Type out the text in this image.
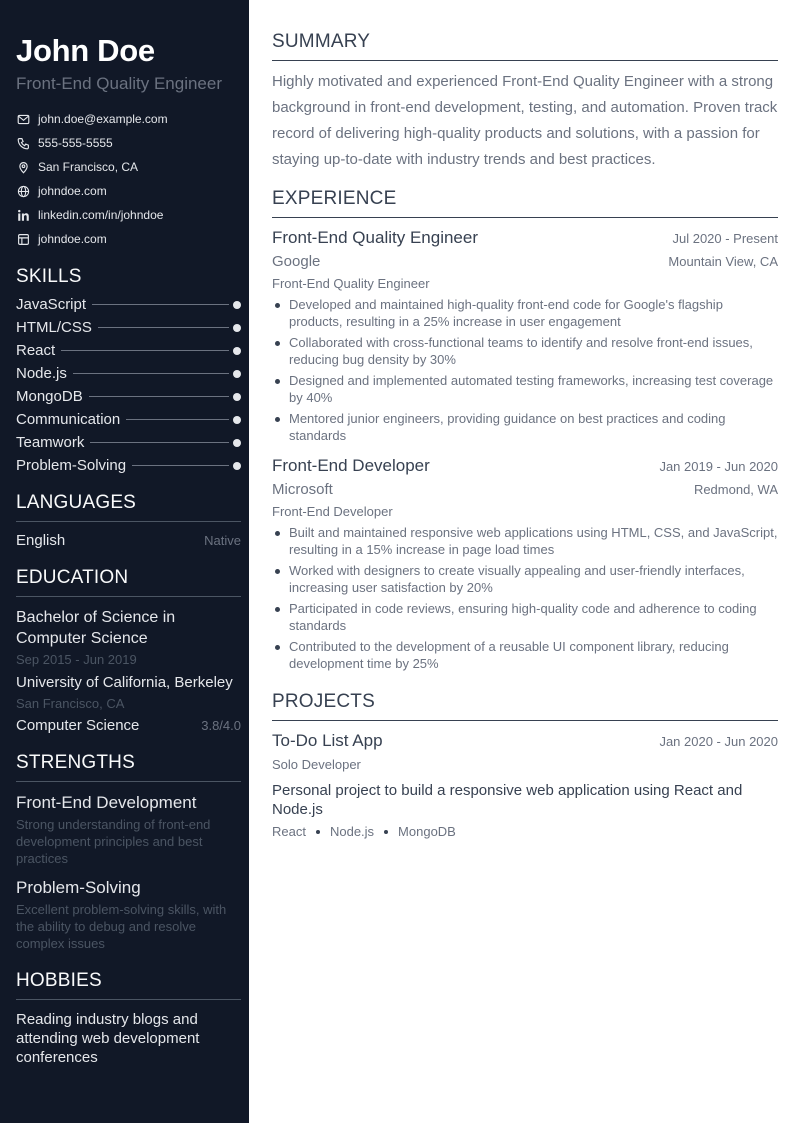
John Doe
Front-End Quality Engineer
john.doe@example.com
555-555-5555
San Francisco, CA
johndoe.com
linkedin.com/in/johndoe
johndoe.com
SKILLS
JavaScript
HTML/CSS
React
Node.js
MongoDB
Communication
Teamwork
Problem-Solving
LANGUAGES
English	Native
EDUCATION
Bachelor of Science in Computer Science
Sep 2015 - Jun 2019
University of California, Berkeley
San Francisco, CA
Computer Science	3.8/4.0
STRENGTHS
Front-End Development
Strong understanding of front-end development principles and best practices
Problem-Solving
Excellent problem-solving skills, with the ability to debug and resolve complex issues
HOBBIES
Reading industry blogs and attending web development conferences
SUMMARY

Highly motivated and experienced Front-End Quality Engineer with a strong background in front-end development, testing, and automation. Proven track record of delivering high-quality products and solutions, with a passion for staying up-to-date with industry trends and best practices.

EXPERIENCE
Front-End Quality Engineer	Jul 2020 - Present
Google	Mountain View, CA
Front-End Quality Engineer
Developed and maintained high-quality front-end code for Google's flagship products, resulting in a 25% increase in user engagement
Collaborated with cross-functional teams to identify and resolve front-end issues, reducing bug density by 30%
Designed and implemented automated testing frameworks, increasing test coverage by 40%
Mentored junior engineers, providing guidance on best practices and coding standards
Front-End Developer	Jan 2019 - Jun 2020
Microsoft	Redmond, WA
Front-End Developer
Built and maintained responsive web applications using HTML, CSS, and JavaScript, resulting in a 15% increase in page load times
Worked with designers to create visually appealing and user-friendly interfaces, increasing user satisfaction by 20%
Participated in code reviews, ensuring high-quality code and adherence to coding standards
Contributed to the development of a reusable UI component library, reducing development time by 25%
PROJECTS
To-Do List App	Jan 2020 - Jun 2020
Solo Developer
Personal project to build a responsive web application using React and Node.js
React Node.js MongoDB
